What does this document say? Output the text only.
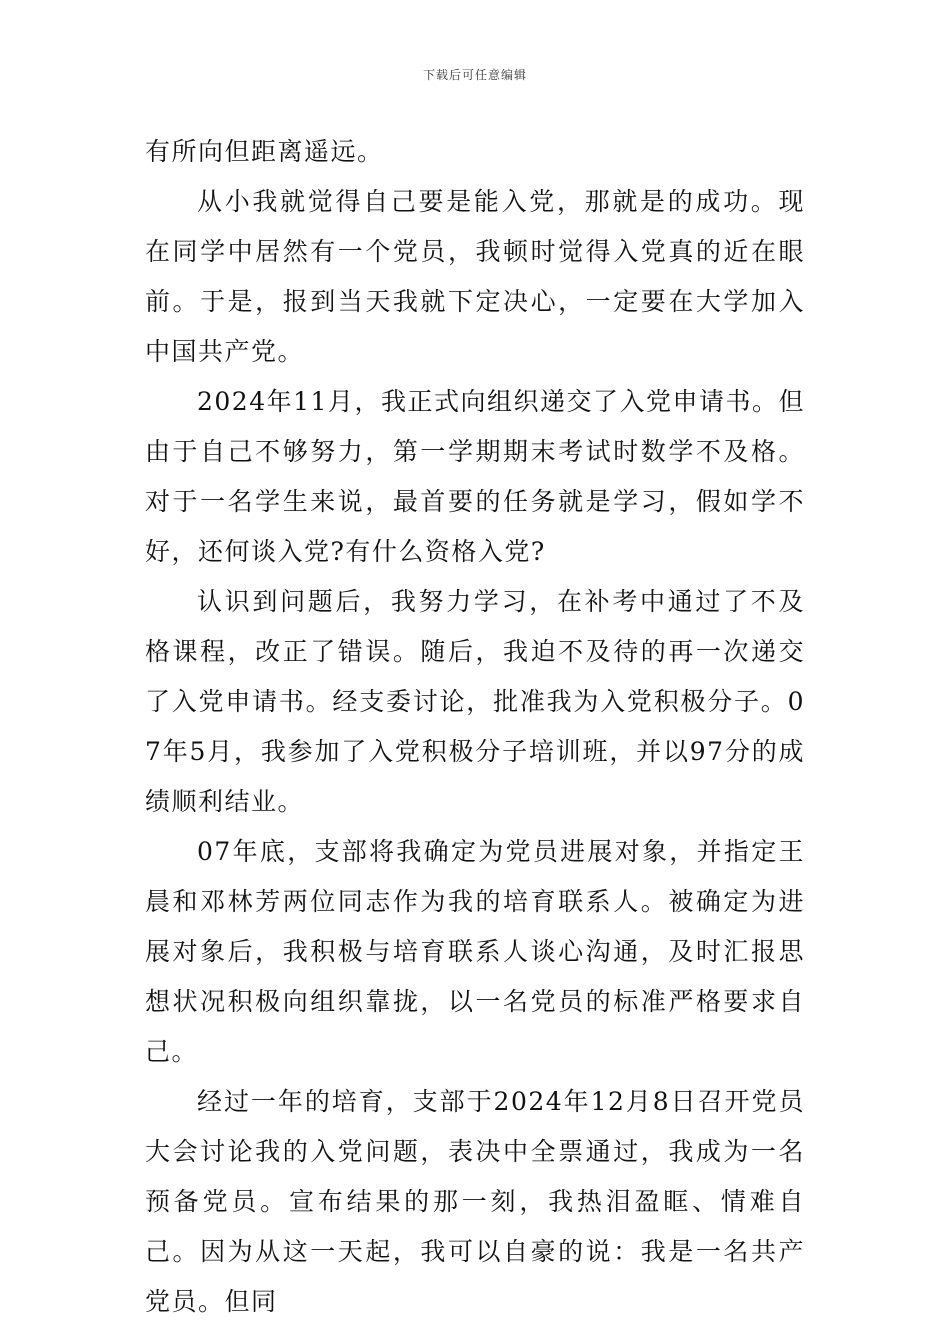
下载后可任意编辑

有所向但距离遥远。

从小我就觉得自己要是能入党，那就是的成功。现在同学中居然有一个党员，我顿时觉得入党真的近在眼前。于是，报到当天我就下定决心，一定要在大学加入中国共产党。

2024年11月，我正式向组织递交了入党申请书。但由于自己不够努力，第一学期期末考试时数学不及格。对于一名学生来说，最首要的任务就是学习，假如学不好，还何谈入党?有什么资格入党?

认识到问题后，我努力学习，在补考中通过了不及格课程，改正了错误。随后，我迫不及待的再一次递交了入党申请书。经支委讨论，批准我为入党积极分子。07年5月，我参加了入党积极分子培训班，并以97分的成绩顺利结业。

07年底，支部将我确定为党员进展对象，并指定王晨和邓林芳两位同志作为我的培育联系人。被确定为进展对象后，我积极与培育联系人谈心沟通，及时汇报思想状况积极向组织靠拢，以一名党员的标准严格要求自己。

经过一年的培育，支部于2024年12月8日召开党员大会讨论我的入党问题，表决中全票通过，我成为一名预备党员。宣布结果的那一刻，我热泪盈眶、情难自己。因为从这一天起，我可以自豪的说：我是一名共产党员。但同
